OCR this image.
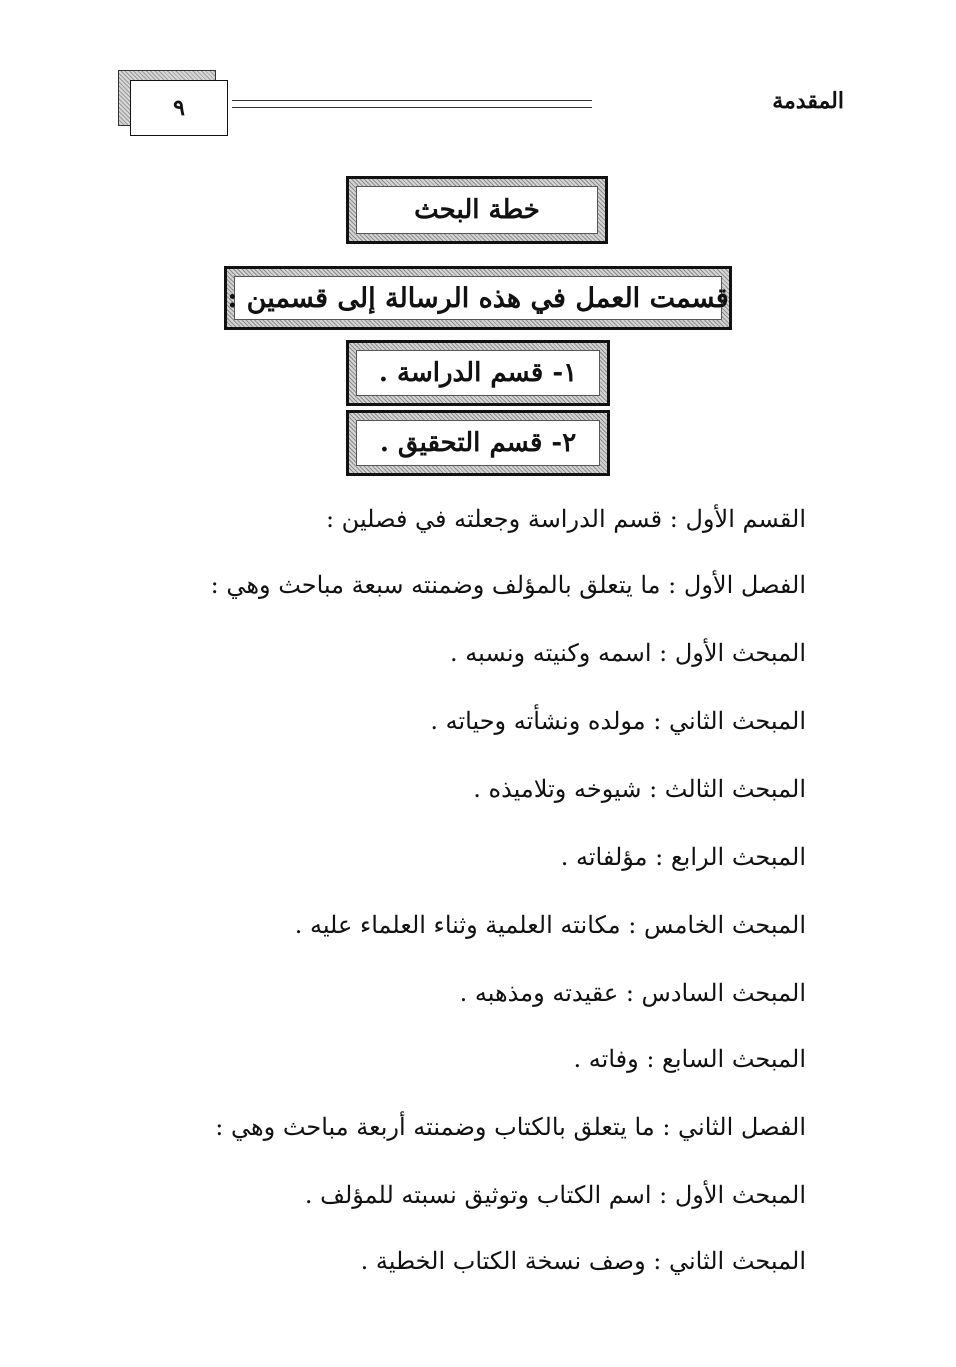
٩	المقدمة
خطة البحث
قسمت العمل في هذه الرسالة إلى قسمين :
١- قسم الدراسة .
٢- قسم التحقيق .
القسم الأول : قسم الدراسة وجعلته في فصلين :
الفصل الأول : ما يتعلق بالمؤلف وضمنته سبعة مباحث وهي :
المبحث الأول : اسمه وكنيته ونسبه .
المبحث الثاني : مولده ونشأته وحياته .
المبحث الثالث : شيوخه وتلاميذه .
المبحث الرابع : مؤلفاته .
المبحث الخامس : مكانته العلمية وثناء العلماء عليه .
المبحث السادس : عقيدته ومذهبه .
المبحث السابع : وفاته .
الفصل الثاني : ما يتعلق بالكتاب وضمنته أربعة مباحث وهي :
المبحث الأول : اسم الكتاب وتوثيق نسبته للمؤلف .
المبحث الثاني : وصف نسخة الكتاب الخطية .
